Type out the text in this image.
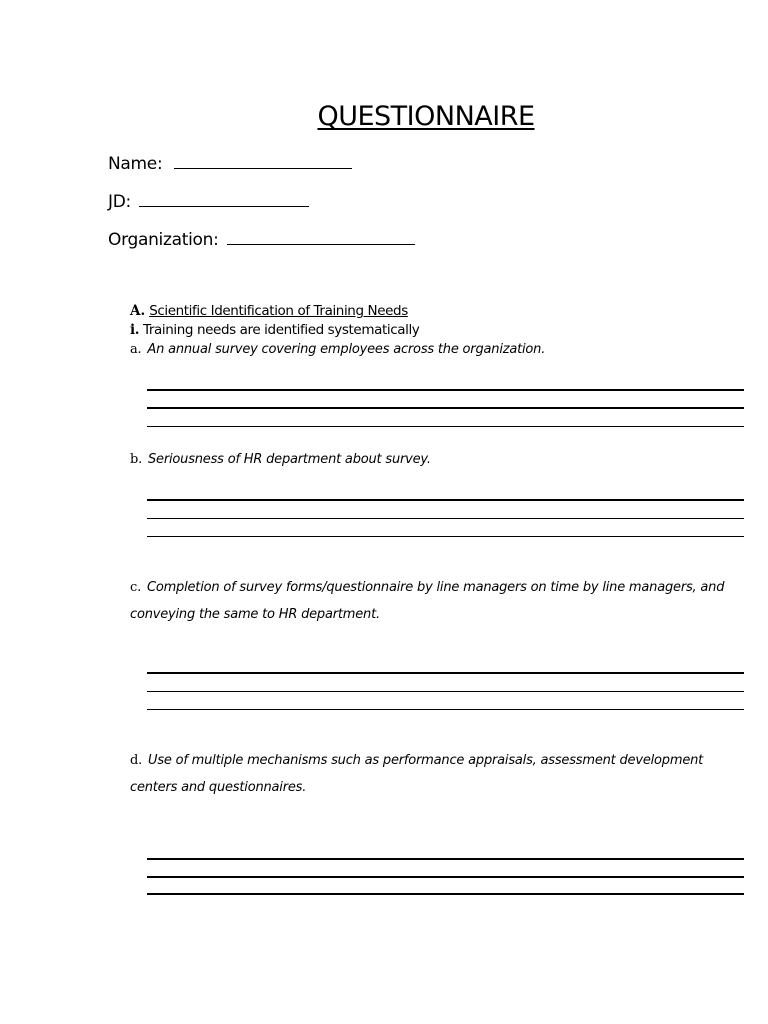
QUESTIONNAIRE
Name:
JD:
Organization:
A. Scientific Identification of Training Needs
i. Training needs are identified systematically
a. An annual survey covering employees across the organization.
b. Seriousness of HR department about survey.
c. Completion of survey forms/questionnaire by line managers on time by line managers, and conveying the same to HR department.
d. Use of multiple mechanisms such as performance appraisals, assessment development centers and questionnaires.
